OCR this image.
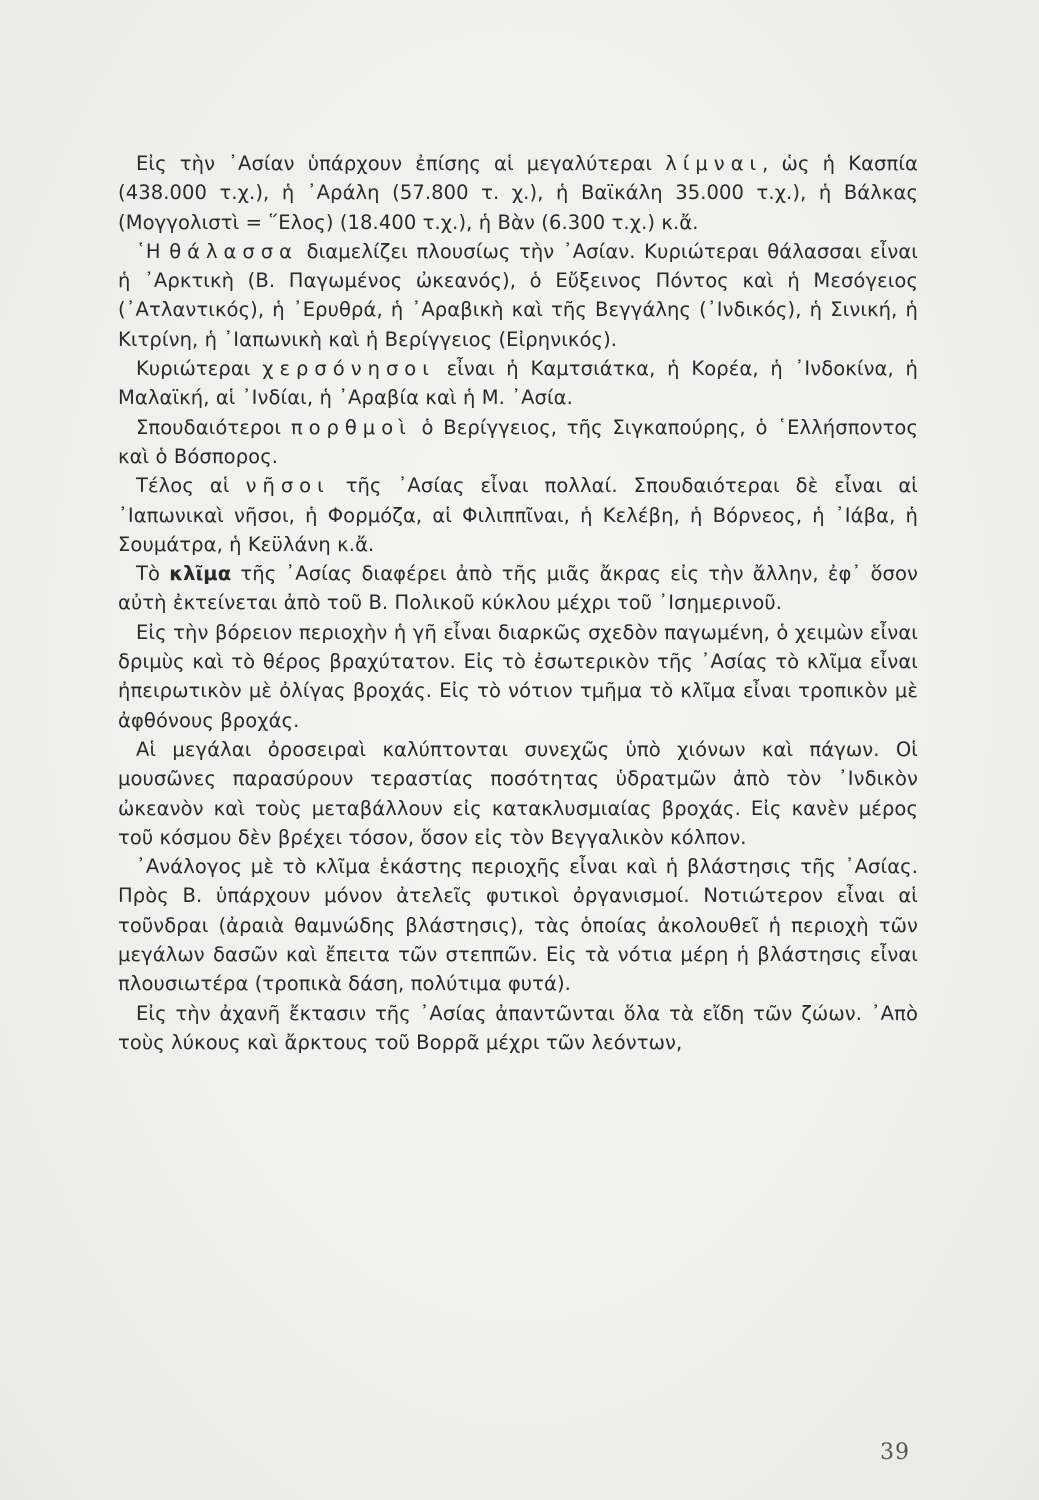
Εἰς τὴν ᾿Ασίαν ὑπάρχουν ἐπίσης αἱ μεγαλύτεραι λίμναι, ὡς ἡ Κασπία (438.000 τ.χ.), ἡ ᾿Αράλη (57.800 τ. χ.), ἡ Βαϊκάλη 35.000 τ.χ.), ἡ Βάλκας (Μογγολιστὶ = ῞Ελος) (18.400 τ.χ.), ἡ Βὰν (6.300 τ.χ.) κ.ἄ.

῾Η θάλασσα διαμελίζει πλουσίως τὴν ᾿Ασίαν. Κυριώτεραι θάλασσαι εἶναι ἡ ᾿Αρκτικὴ (Β. Παγωμένος ὠκεανός), ὁ Εὔξεινος Πόντος καὶ ἡ Μεσόγειος (᾿Ατλαντικός), ἡ ᾿Ερυθρά, ἡ ᾿Αραβικὴ καὶ τῆς Βεγγάλης (᾿Ινδικός), ἡ Σινική, ἡ Κιτρίνη, ἡ ᾿Ιαπωνικὴ καὶ ἡ Βερίγγειος (Εἰρηνικός).

Κυριώτεραι χερσόνησοι εἶναι ἡ Καμτσιάτκα, ἡ Κορέα, ἡ ᾿Ινδοκίνα, ἡ Μαλαϊκή, αἱ ᾿Ινδίαι, ἡ ᾿Αραβία καὶ ἡ Μ. ᾿Ασία.

Σπουδαιότεροι πορθμοὶ ὁ Βερίγγειος, τῆς Σιγκαπούρης, ὁ ῾Ελλήσποντος καὶ ὁ Βόσπορος.

Τέλος αἱ νῆσοι τῆς ᾿Ασίας εἶναι πολλαί. Σπουδαιότεραι δὲ εἶναι αἱ ᾿Ιαπωνικαὶ νῆσοι, ἡ Φορμόζα, αἱ Φιλιππῖναι, ἡ Κελέβη, ἡ Βόρνεος, ἡ ᾿Ιάβα, ἡ Σουμάτρα, ἡ Κεϋλάνη κ.ἄ.

Τὸ κλῖμα τῆς ᾿Ασίας διαφέρει ἀπὸ τῆς μιᾶς ἄκρας εἰς τὴν ἄλλην, ἐφ᾿ ὅσον αὐτὴ ἐκτείνεται ἀπὸ τοῦ Β. Πολικοῦ κύκλου μέχρι τοῦ ᾿Ισημερινοῦ.

Εἰς τὴν βόρειον περιοχὴν ἡ γῆ εἶναι διαρκῶς σχεδὸν παγωμένη, ὁ χειμὼν εἶναι δριμὺς καὶ τὸ θέρος βραχύτατον. Εἰς τὸ ἐσωτερικὸν τῆς ᾿Ασίας τὸ κλῖμα εἶναι ἠπειρωτικὸν μὲ ὀλίγας βροχάς. Εἰς τὸ νότιον τμῆμα τὸ κλῖμα εἶναι τροπικὸν μὲ ἀφθόνους βροχάς.

Αἱ μεγάλαι ὀροσειραὶ καλύπτονται συνεχῶς ὑπὸ χιόνων καὶ πάγων. Οἱ μουσῶνες παρασύρουν τεραστίας ποσότητας ὑδρατμῶν ἀπὸ τὸν ᾿Ινδικὸν ὠκεανὸν καὶ τοὺς μεταβάλλουν εἰς κατακλυσμιαίας βροχάς. Εἰς κανὲν μέρος τοῦ κόσμου δὲν βρέχει τόσον, ὅσον εἰς τὸν Βεγγαλικὸν κόλπον.

᾿Ανάλογος μὲ τὸ κλῖμα ἑκάστης περιοχῆς εἶναι καὶ ἡ βλάστησις τῆς ᾿Ασίας. Πρὸς Β. ὑπάρχουν μόνον ἀτελεῖς φυτικοὶ ὀργανισμοί. Νοτιώτερον εἶναι αἱ τοῦνδραι (ἀραιὰ θαμνώδης βλάστησις), τὰς ὁποίας ἀκολουθεῖ ἡ περιοχὴ τῶν μεγάλων δασῶν καὶ ἔπειτα τῶν στεππῶν. Εἰς τὰ νότια μέρη ἡ βλάστησις εἶναι πλουσιωτέρα (τροπικὰ δάση, πολύτιμα φυτά).

Εἰς τὴν ἀχανῆ ἔκτασιν τῆς ᾿Ασίας ἀπαντῶνται ὅλα τὰ εἴδη τῶν ζώων. ᾿Απὸ τοὺς λύκους καὶ ἄρκτους τοῦ Βορρᾶ μέχρι τῶν λεόντων,

39
